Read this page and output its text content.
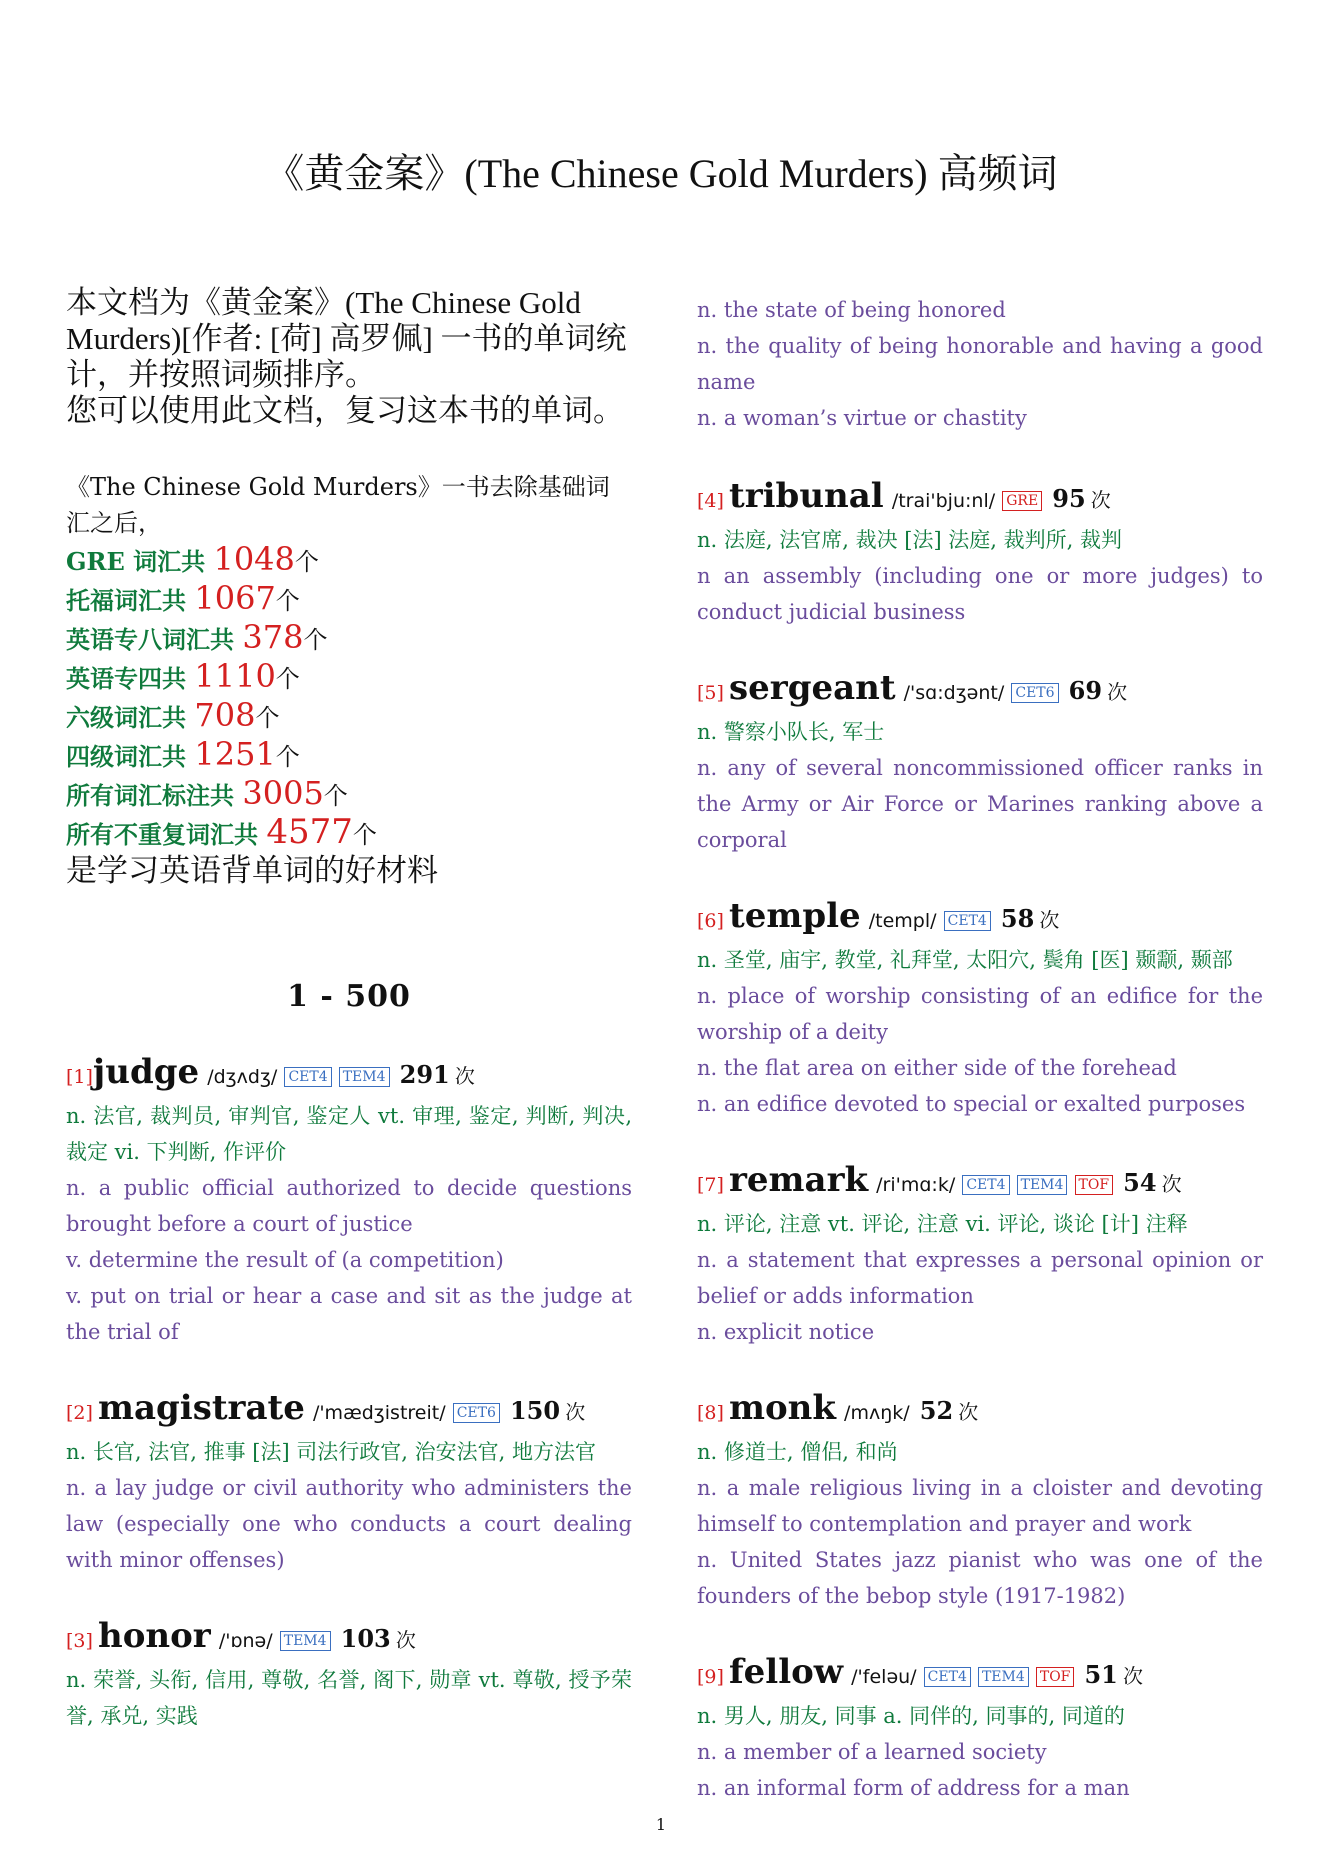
《黄金案》(The Chinese Gold Murders) 高频词

本文档为《黄金案》(The Chinese Gold Murders)[作者: [荷] 高罗佩] 一书的单词统计，并按照词频排序。

您可以使用此文档，复习这本书的单词。

《The Chinese Gold Murders》一书去除基础词汇之后，
GRE 词汇共 1048个
托福词汇共 1067个
英语专八词汇共 378个
英语专四共 1110个
六级词汇共 708个
四级词汇共 1251个
所有词汇标注共 3005个
所有不重复词汇共 4577个
是学习英语背单词的好材料
1 - 500
[1]judge /dʒʌdʒ/ CET4 TEM4 291 次

n. 法官, 裁判员, 审判官, 鉴定人 vt. 审理, 鉴定, 判断, 判决, 裁定 vi. 下判断, 作评价

n. a public official authorized to decide questions brought before a court of justice

v. determine the result of (a competition)

v. put on trial or hear a case and sit as the judge at the trial of

[2] magistrate /'mædʒistreit/ CET6 150 次

n. 长官, 法官, 推事 [法] 司法行政官, 治安法官, 地方法官

n. a lay judge or civil authority who administers the law (especially one who conducts a court dealing with minor offenses)

[3] honor /'ɒnə/ TEM4 103 次

n. 荣誉, 头衔, 信用, 尊敬, 名誉, 阁下, 勋章 vt. 尊敬, 授予荣誉, 承兑, 实践

n. the state of being honored

n. the quality of being honorable and having a good name

n. a woman’s virtue or chastity

[4] tribunal /trai'bju:nl/ GRE 95 次

n. 法庭, 法官席, 裁决 [法] 法庭, 裁判所, 裁判

n an assembly (including one or more judges) to conduct judicial business

[5] sergeant /'sɑ:dʒənt/ CET6 69 次

n. 警察小队长, 军士

n. any of several noncommissioned officer ranks in the Army or Air Force or Marines ranking above a corporal

[6] temple /templ/ CET4 58 次

n. 圣堂, 庙宇, 教堂, 礼拜堂, 太阳穴, 鬓角 [医] 颞颥, 颞部

n. place of worship consisting of an edifice for the worship of a deity

n. the flat area on either side of the forehead

n. an edifice devoted to special or exalted purposes

[7] remark /ri'mɑ:k/ CET4 TEM4 TOF 54 次

n. 评论, 注意 vt. 评论, 注意 vi. 评论, 谈论 [计] 注释

n. a statement that expresses a personal opinion or belief or adds information

n. explicit notice

[8] monk /mʌŋk/ 52 次

n. 修道士, 僧侣, 和尚

n. a male religious living in a cloister and devoting himself to contemplation and prayer and work

n. United States jazz pianist who was one of the founders of the bebop style (1917-1982)

[9] fellow /'feləu/ CET4 TEM4 TOF 51 次

n. 男人, 朋友, 同事 a. 同伴的, 同事的, 同道的

n. a member of a learned society

n. an informal form of address for a man

1
